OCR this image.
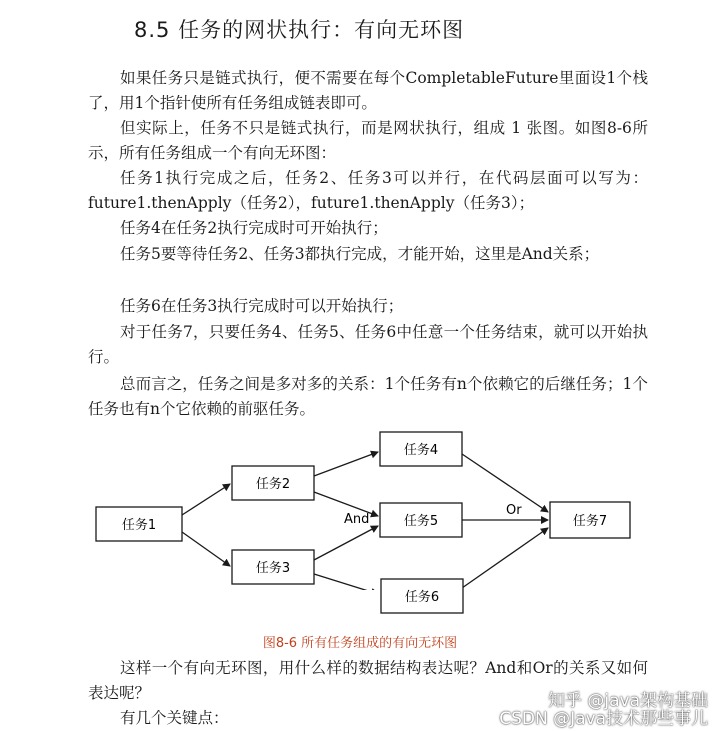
8.5 任务的网状执行：有向无环图
如果任务只是链式执行，便不需要在每个CompletableFuture里面设1个栈了，用1个指针使所有任务组成链表即可。
但实际上，任务不只是链式执行，而是网状执行，组成 1 张图。如图8-6所示，所有任务组成一个有向无环图：
任务1执行完成之后，任务2、任务3可以并行，在代码层面可以写为：future1.thenApply（任务2），future1.thenApply（任务3）；
任务4在任务2执行完成时可开始执行；
任务5要等待任务2、任务3都执行完成，才能开始，这里是And关系；
任务6在任务3执行完成时可以开始执行；
对于任务7，只要任务4、任务5、任务6中任意一个任务结束，就可以开始执行。
总而言之，任务之间是多对多的关系：1个任务有n个依赖它的后继任务；1个任务也有n个它依赖的前驱任务。
任务1
任务2
任务3
任务4
任务5	任务7
And
Or
任务6
图8-6 所有任务组成的有向无环图
这样一个有向无环图，用什么样的数据结构表达呢？And和Or的关系又如何表达呢？
有几个关键点：
知乎 @java架构基础
CSDN @Java技术那些事儿
